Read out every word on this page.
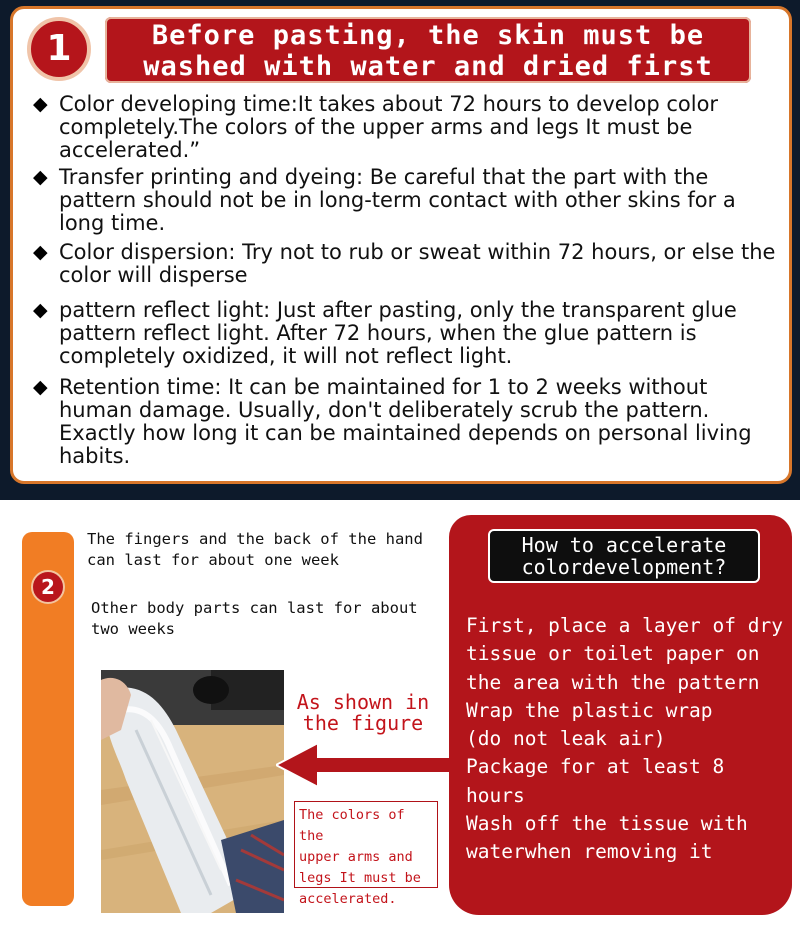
1	Before pasting, the skin must be
washed with water and dried first
◆ Color developing time:It takes about 72 hours to develop color completely.The colors of the upper arms and legs It must be accelerated.”
◆ Transfer printing and dyeing: Be careful that the part with the pattern should not be in long-term contact with other skins for a long time.
◆ Color dispersion: Try not to rub or sweat within 72 hours, or else the color will disperse
◆ pattern reflect light: Just after pasting, only the transparent glue pattern reflect light. After 72 hours, when the glue pattern is completely oxidized, it will not reflect light.
◆ Retention time: It can be maintained for 1 to 2 weeks without human damage. Usually, don't deliberately scrub the pattern. Exactly how long it can be maintained depends on personal living habits.
2
The fingers and the back of the hand can last for about one week
Other body parts can last for about two weeks
As shown in
the figure
The colors of the
upper arms and
legs It must be
accelerated.
How to accelerate
colordevelopment?
First, place a layer of dry
tissue or toilet paper on
the area with the pattern
Wrap the plastic wrap
(do not leak air)
Package for at least 8
hours
Wash off the tissue with
waterwhen removing it
